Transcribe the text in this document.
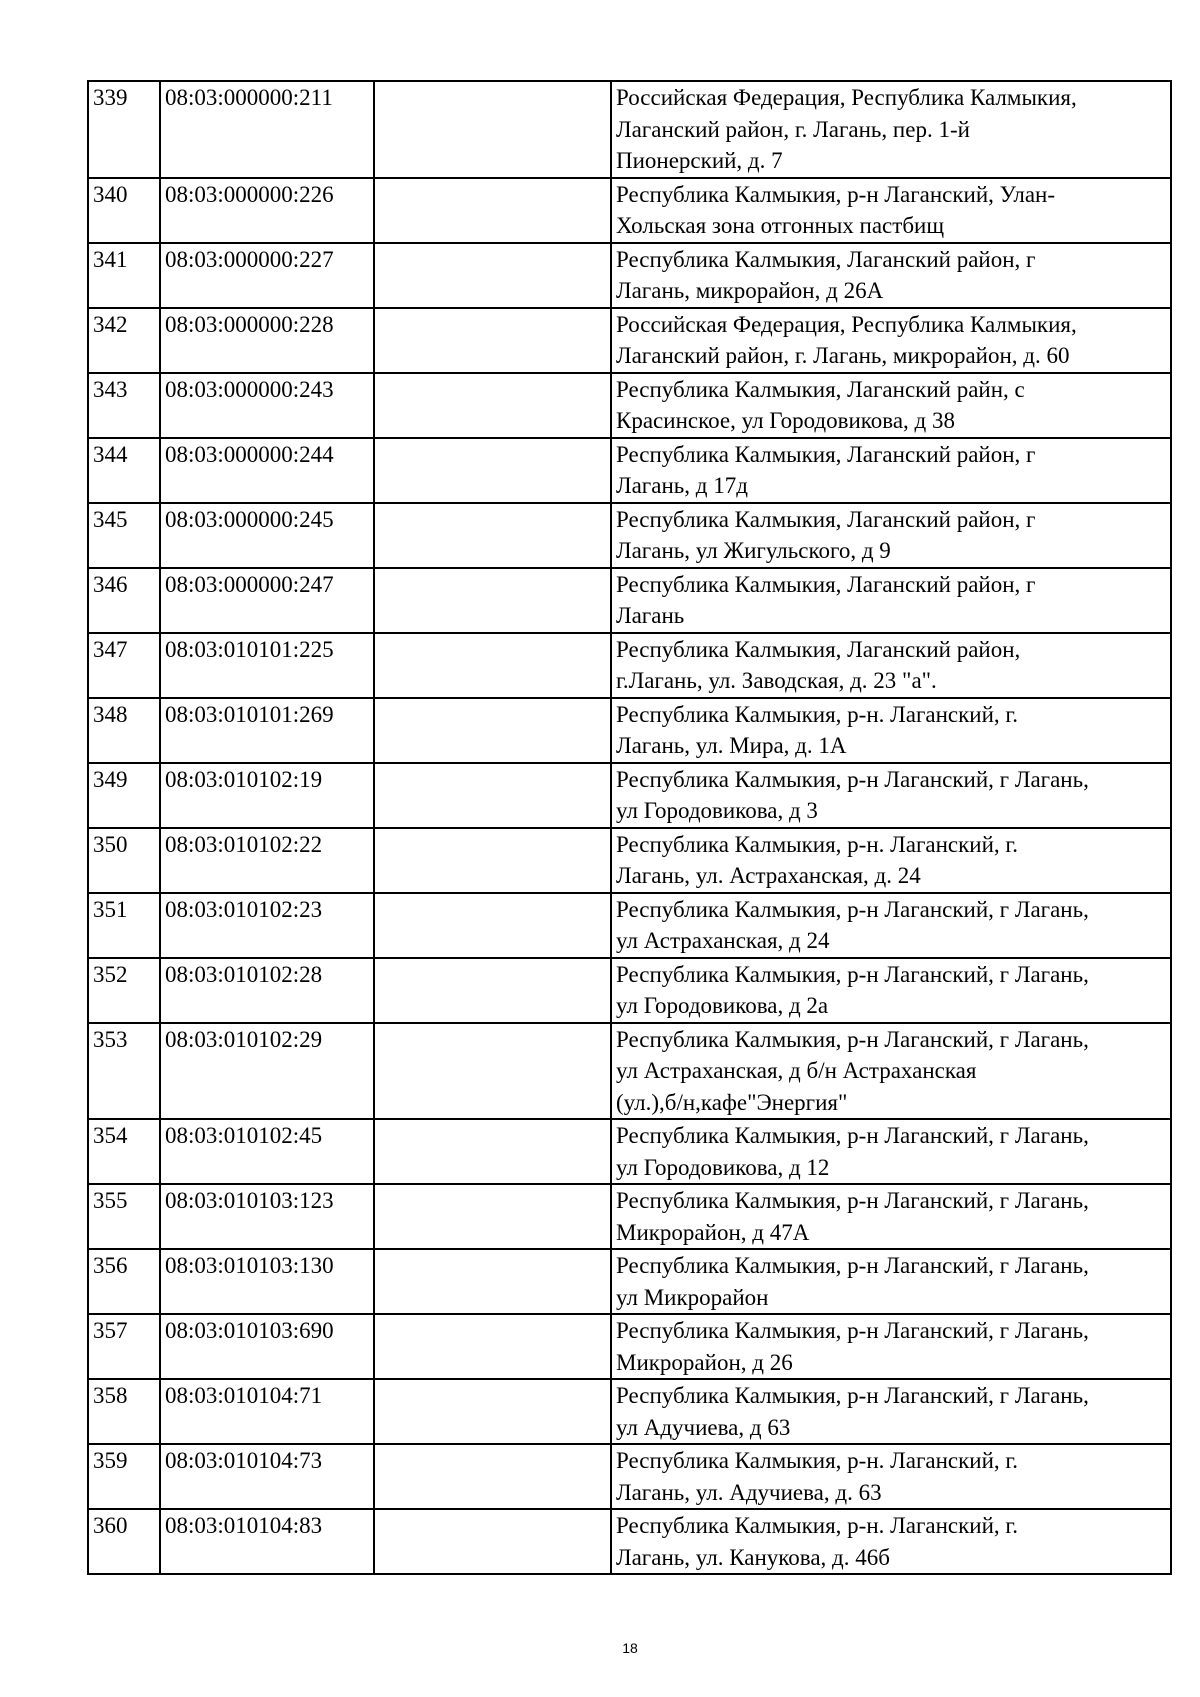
339	08:03:000000:211		Российская Федерация, Республика Калмыкия,
Лаганский район, г. Лагань, пер. 1-й
Пионерский, д. 7
340	08:03:000000:226		Республика Калмыкия, р-н Лаганский, Улан-
Хольская зона отгонных пастбищ
341	08:03:000000:227		Республика Калмыкия, Лаганский район, г
Лагань, микрорайон, д 26А
342	08:03:000000:228		Российская Федерация, Республика Калмыкия,
Лаганский район, г. Лагань, микрорайон, д. 60

343	08:03:000000:243		Республика Калмыкия, Лаганский райн, с
Красинское, ул Городовикова, д 38
344	08:03:000000:244		Республика Калмыкия, Лаганский район, г
Лагань, д 17д
345	08:03:000000:245		Республика Калмыкия, Лаганский район, г
Лагань, ул Жигульского, д 9
346	08:03:000000:247		Республика Калмыкия, Лаганский район, г
Лагань
347	08:03:010101:225		Республика Калмыкия, Лаганский район,
г.Лагань, ул. Заводская, д. 23 "а".
348	08:03:010101:269		Республика Калмыкия, р-н. Лаганский, г.
Лагань, ул. Мира, д. 1А
349	08:03:010102:19		Республика Калмыкия, р-н Лаганский, г Лагань,
ул Городовикова, д 3
350	08:03:010102:22		Республика Калмыкия, р-н. Лаганский, г.
Лагань, ул. Астраханская, д. 24
351	08:03:010102:23		Республика Калмыкия, р-н Лаганский, г Лагань,
ул Астраханская, д 24
352	08:03:010102:28		Республика Калмыкия, р-н Лаганский, г Лагань,
ул Городовикова, д 2а
353	08:03:010102:29		Республика Калмыкия, р-н Лаганский, г Лагань,
ул Астраханская, д б/н Астраханская
(ул.),б/н,кафе"Энергия"
354	08:03:010102:45		Республика Калмыкия, р-н Лаганский, г Лагань,
ул Городовикова, д 12
355	08:03:010103:123		Республика Калмыкия, р-н Лаганский, г Лагань,
Микрорайон, д 47А
356	08:03:010103:130		Республика Калмыкия, р-н Лаганский, г Лагань,
ул Микрорайон
357	08:03:010103:690		Республика Калмыкия, р-н Лаганский, г Лагань,
Микрорайон, д 26
358	08:03:010104:71		Республика Калмыкия, р-н Лаганский, г Лагань,
ул Адучиева, д 63
359	08:03:010104:73		Республика Калмыкия, р-н. Лаганский, г.
Лагань, ул. Адучиева, д. 63
360	08:03:010104:83		Республика Калмыкия, р-н. Лаганский, г.
Лагань, ул. Канукова, д. 46б
18
